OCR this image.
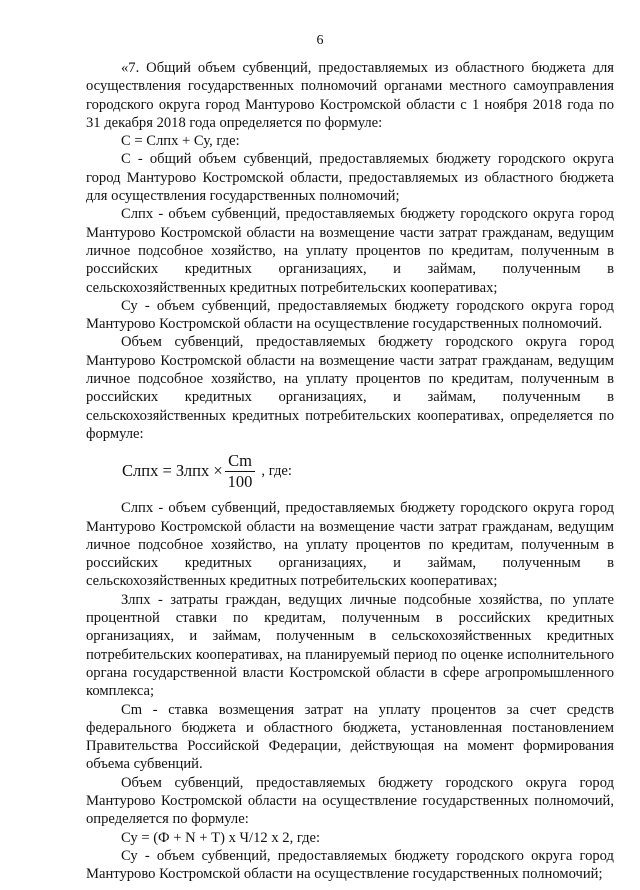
6

«7. Общий объем субвенций, предоставляемых из областного бюджета для осуществления государственных полномочий органами местного самоуправления городского округа город Мантурово Костромской области с 1 ноября 2018 года по 31 декабря 2018 года определяется по формуле:

С = Слпх + Су, где:

С - общий объем субвенций, предоставляемых бюджету городского округа город Мантурово Костромской области, предоставляемых из областного бюджета для осуществления государственных полномочий;

Слпх - объем субвенций, предоставляемых бюджету городского округа город Мантурово Костромской области на возмещение части затрат гражданам, ведущим личное подсобное хозяйство, на уплату процентов по кредитам, полученным в российских кредитных организациях, и займам, полученным в сельскохозяйственных кредитных потребительских кооперативах;

Су - объем субвенций, предоставляемых бюджету городского округа город Мантурово Костромской области на осуществление государственных полномочий.

Объем субвенций, предоставляемых бюджету городского округа город Мантурово Костромской области на возмещение части затрат гражданам, ведущим личное подсобное хозяйство, на уплату процентов по кредитам, полученным в российских кредитных организациях, и займам, полученным в сельскохозяйственных кредитных потребительских кооперативах, определяется по формуле:

Слпх = Злпх × $\frac{Cm}{100}$ , где:

Слпх - объем субвенций, предоставляемых бюджету городского округа город Мантурово Костромской области на возмещение части затрат гражданам, ведущим личное подсобное хозяйство, на уплату процентов по кредитам, полученным в российских кредитных организациях, и займам, полученным в сельскохозяйственных кредитных потребительских кооперативах;

Злпх - затраты граждан, ведущих личные подсобные хозяйства, по уплате процентной ставки по кредитам, полученным в российских кредитных организациях, и займам, полученным в сельскохозяйственных кредитных потребительских кооперативах, на планируемый период по оценке исполнительного органа государственной власти Костромской области в сфере агропромышленного комплекса;

Cm - ставка возмещения затрат на уплату процентов за счет средств федерального бюджета и областного бюджета, установленная постановлением Правительства Российской Федерации, действующая на момент формирования объема субвенций.

Объем субвенций, предоставляемых бюджету городского округа город Мантурово Костромской области на осуществление государственных полномочий, определяется по формуле:

Су = (Ф + N + Т) х Ч/12 х 2, где:

Су - объем субвенций, предоставляемых бюджету городского округа город Мантурово Костромской области на осуществление государственных полномочий;
